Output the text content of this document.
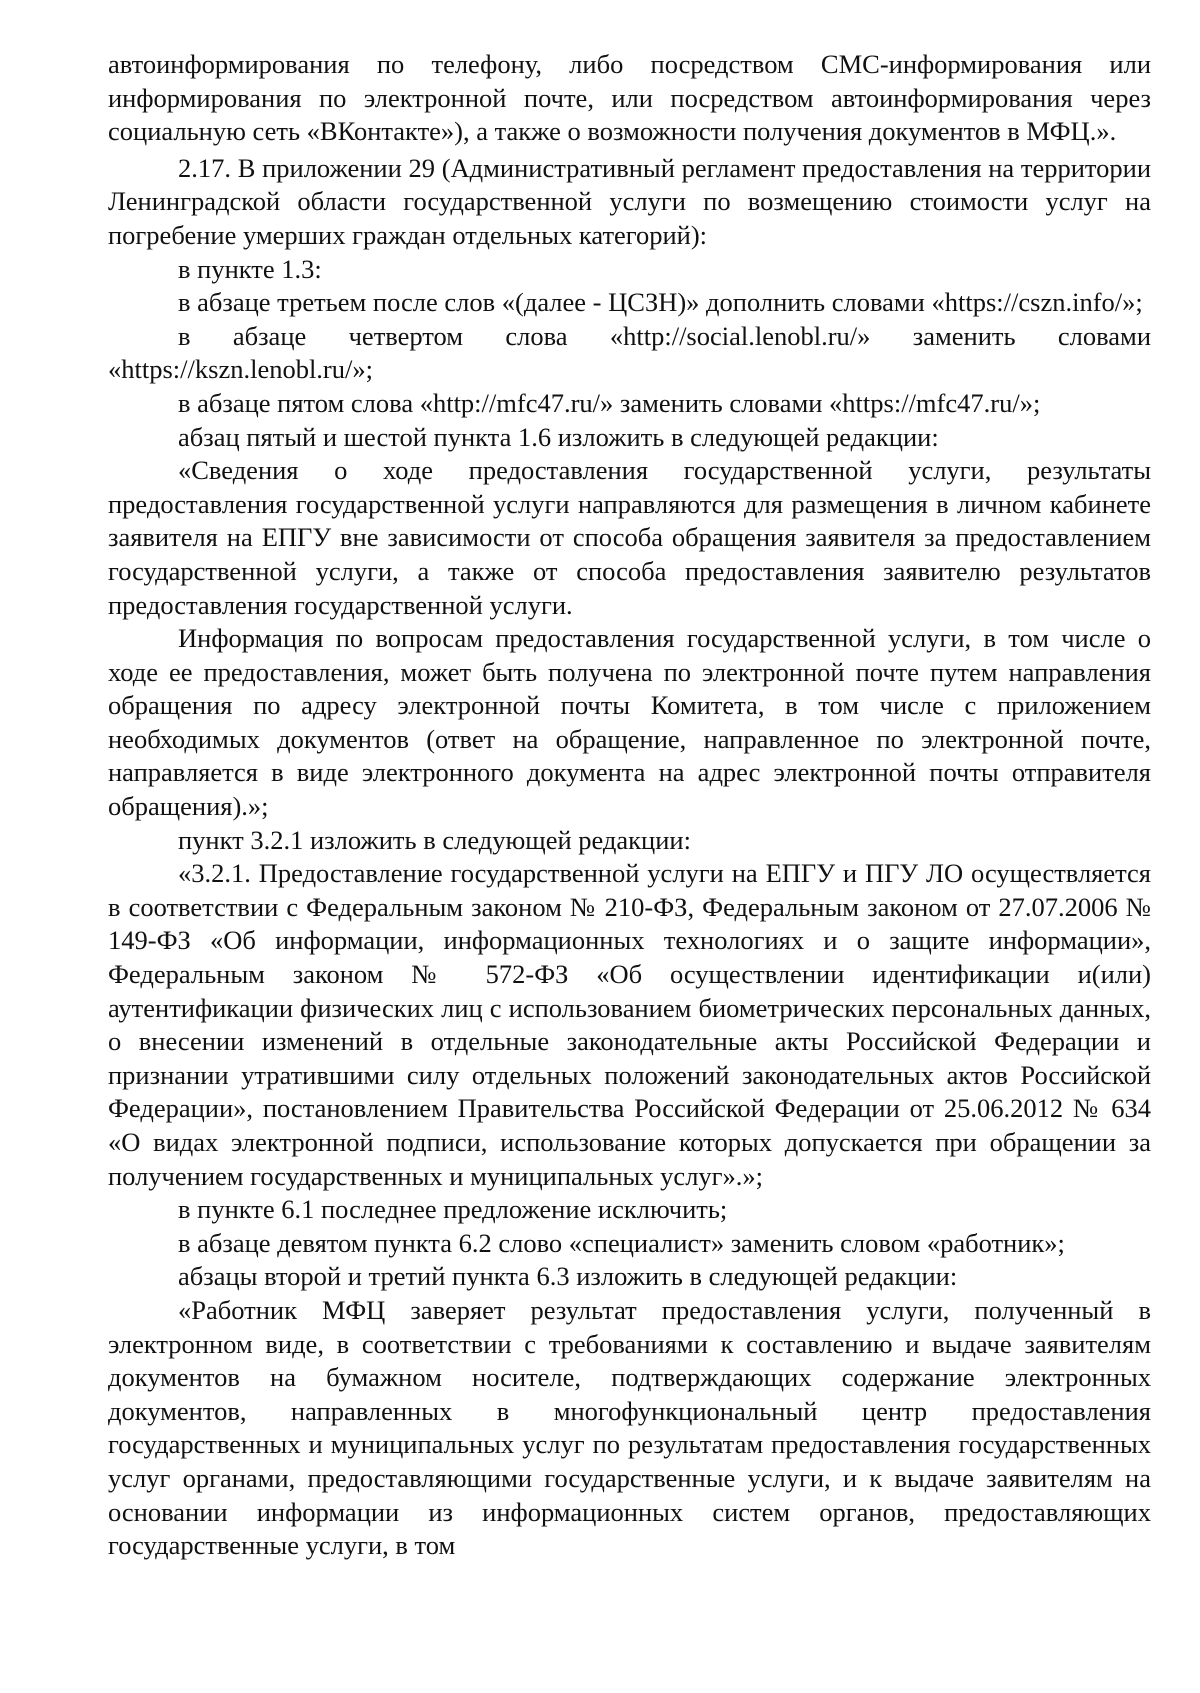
автоинформирования по телефону, либо посредством СМС-информирования или информирования по электронной почте, или посредством автоинформирования через социальную сеть «ВКонтакте»), а также о возможности получения документов в МФЦ.».

2.17. В приложении 29 (Административный регламент предоставления на территории Ленинградской области государственной услуги по возмещению стоимости услуг на погребение умерших граждан отдельных категорий):

в пункте 1.3:

в абзаце третьем после слов «(далее - ЦСЗН)» дополнить словами «https://cszn.info/»;

в абзаце четвертом слова «http://social.lenobl.ru/» заменить словами «https://kszn.lenobl.ru/»;

в абзаце пятом слова «http://mfc47.ru/» заменить словами «https://mfc47.ru/»;

абзац пятый и шестой пункта 1.6 изложить в следующей редакции:

«Сведения о ходе предоставления государственной услуги, результаты предоставления государственной услуги направляются для размещения в личном кабинете заявителя на ЕПГУ вне зависимости от способа обращения заявителя за предоставлением государственной услуги, а также от способа предоставления заявителю результатов предоставления государственной услуги.

Информация по вопросам предоставления государственной услуги, в том числе о ходе ее предоставления, может быть получена по электронной почте путем направления обращения по адресу электронной почты Комитета, в том числе с приложением необходимых документов (ответ на обращение, направленное по электронной почте, направляется в виде электронного документа на адрес электронной почты отправителя обращения).»;

пункт 3.2.1 изложить в следующей редакции:

«3.2.1. Предоставление государственной услуги на ЕПГУ и ПГУ ЛО осуществляется в соответствии с Федеральным законом № 210-ФЗ, Федеральным законом от 27.07.2006 № 149-ФЗ «Об информации, информационных технологиях и о защите информации», Федеральным законом № 572-ФЗ «Об осуществлении идентификации и(или) аутентификации физических лиц с использованием биометрических персональных данных, о внесении изменений в отдельные законодательные акты Российской Федерации и признании утратившими силу отдельных положений законодательных актов Российской Федерации», постановлением Правительства Российской Федерации от 25.06.2012 № 634 «О видах электронной подписи, использование которых допускается при обращении за получением государственных и муниципальных услуг».»;

в пункте 6.1 последнее предложение исключить;

в абзаце девятом пункта 6.2 слово «специалист» заменить словом «работник»;

абзацы второй и третий пункта 6.3 изложить в следующей редакции:

«Работник МФЦ заверяет результат предоставления услуги, полученный в электронном виде, в соответствии с требованиями к составлению и выдаче заявителям документов на бумажном носителе, подтверждающих содержание электронных документов, направленных в многофункциональный центр предоставления государственных и муниципальных услуг по результатам предоставления государственных услуг органами, предоставляющими государственные услуги, и к выдаче заявителям на основании информации из информационных систем органов, предоставляющих государственные услуги, в том
